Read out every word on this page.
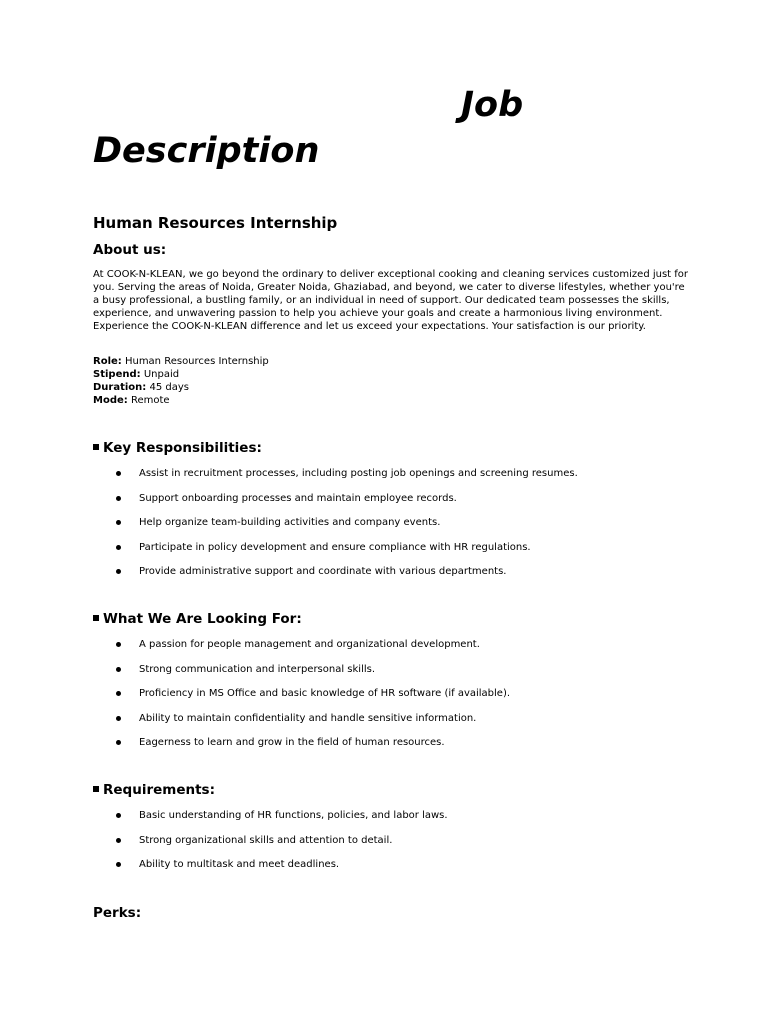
Job
Description
Human Resources Internship
About us:

At COOK-N-KLEAN, we go beyond the ordinary to deliver exceptional cooking and cleaning services customized just for you. Serving the areas of Noida, Greater Noida, Ghaziabad, and beyond, we cater to diverse lifestyles, whether you're a busy professional, a bustling family, or an individual in need of support. Our dedicated team possesses the skills, experience, and unwavering passion to help you achieve your goals and create a harmonious living environment. Experience the COOK-N-KLEAN difference and let us exceed your expectations. Your satisfaction is our priority.

Role: Human Resources Internship
Stipend: Unpaid
Duration: 45 days
Mode: Remote
Key Responsibilities:
Assist in recruitment processes, including posting job openings and screening resumes.
Support onboarding processes and maintain employee records.
Help organize team-building activities and company events.
Participate in policy development and ensure compliance with HR regulations.
Provide administrative support and coordinate with various departments.
What We Are Looking For:
A passion for people management and organizational development.
Strong communication and interpersonal skills.
Proficiency in MS Office and basic knowledge of HR software (if available).
Ability to maintain confidentiality and handle sensitive information.
Eagerness to learn and grow in the field of human resources.
Requirements:
Basic understanding of HR functions, policies, and labor laws.
Strong organizational skills and attention to detail.
Ability to multitask and meet deadlines.
Perks:
